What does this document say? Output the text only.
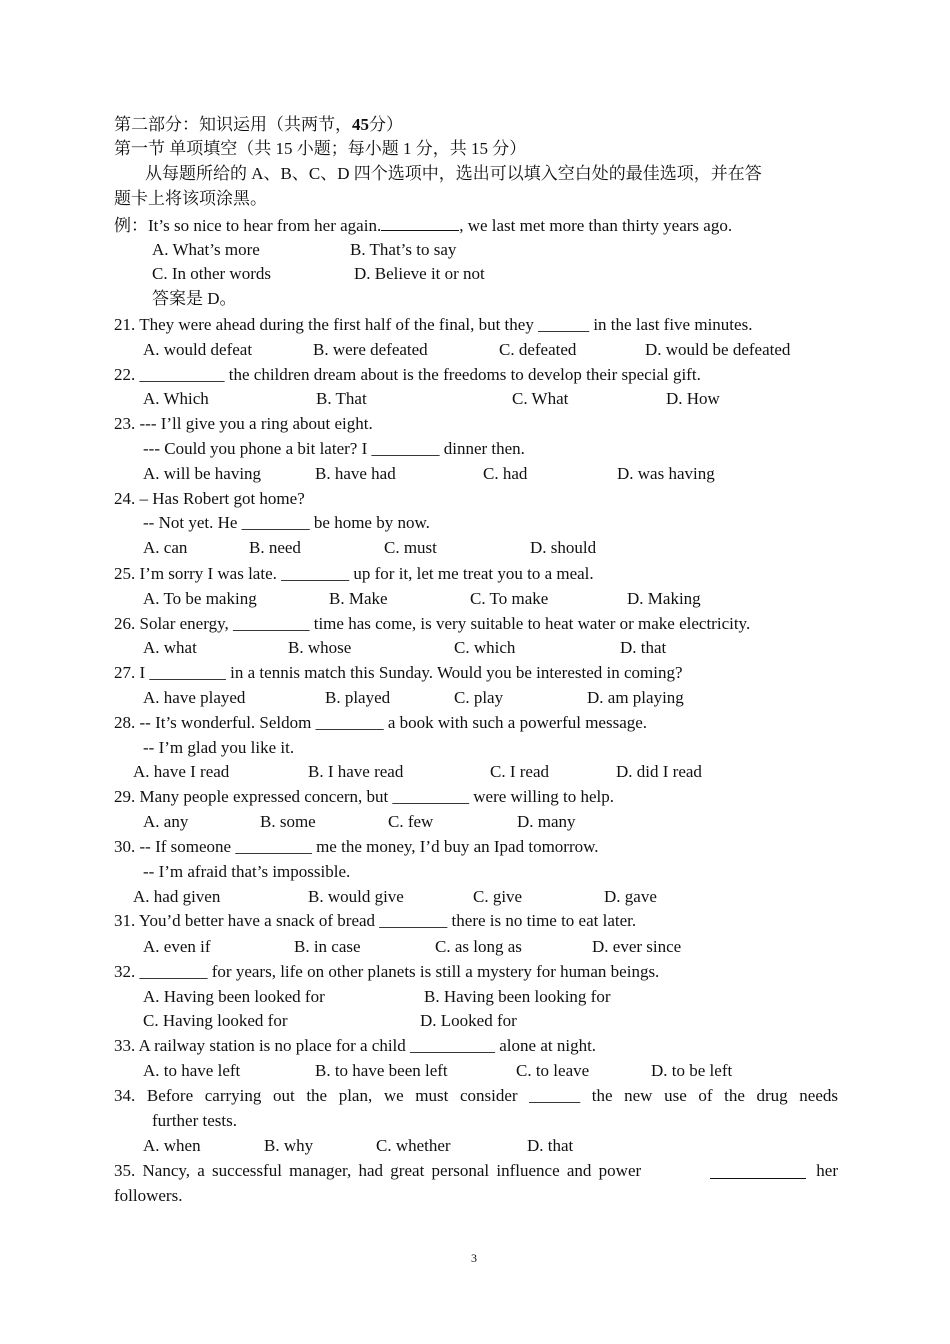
第二部分：知识运用（共两节，45分）
第一节 单项填空（共 15 小题；每小题 1 分，共 15 分）
从每题所给的 A、B、C、D 四个选项中，选出可以填入空白处的最佳选项，并在答
题卡上将该项涂黑。
例：It’s so nice to hear from her again.	, we last met more than thirty years ago.
A. What’s more	B. That’s to say
C. In other words	D. Believe it or not
答案是 D。
21. They were ahead during the first half of the final, but they ______ in the last five minutes.
A. would defeat	B. were defeated	C. defeated	D. would be defeated
22. __________ the children dream about is the freedoms to develop their special gift.
A. Which	B. That	C. What	D. How
23. --- I’ll give you a ring about eight.
--- Could you phone a bit later? I ________ dinner then.
A. will be having	B. have had	C. had	D. was having
24. – Has Robert got home?
-- Not yet. He ________ be home by now.
A. can	B. need	C. must	D. should
25. I’m sorry I was late. ________ up for it, let me treat you to a meal.
A. To be making	B. Make	C. To make	D. Making
26. Solar energy, _________ time has come, is very suitable to heat water or make electricity.
A. what	B. whose	C. which	D. that
27. I _________ in a tennis match this Sunday. Would you be interested in coming?
A. have played	B. played	C. play	D. am playing
28. -- It’s wonderful. Seldom ________ a book with such a powerful message.
-- I’m glad you like it.
A. have I read	B. I have read	C. I read	D. did I read
29. Many people expressed concern, but _________ were willing to help.
A. any	B. some	C. few	D. many
30. -- If someone _________ me the money, I’d buy an Ipad tomorrow.
-- I’m afraid that’s impossible.
A. had given	B. would give	C. give	D. gave
31. You’d better have a snack of bread ________ there is no time to eat later.
A. even if	B. in case	C. as long as	D. ever since
32. ________ for years, life on other planets is still a mystery for human beings.
A. Having been looked for	B. Having been looking for
C. Having looked for	D. Looked for
33. A railway station is no place for a child __________ alone at night.
A. to have left	B. to have been left	C. to leave	D. to be left
34. Before carrying out the plan, we must consider ______ the new use of the drug needs
further tests.
A. when	B. why	C. whether	D. that
35. Nancy, a successful manager, had great personal influence and power	her
followers.
3
